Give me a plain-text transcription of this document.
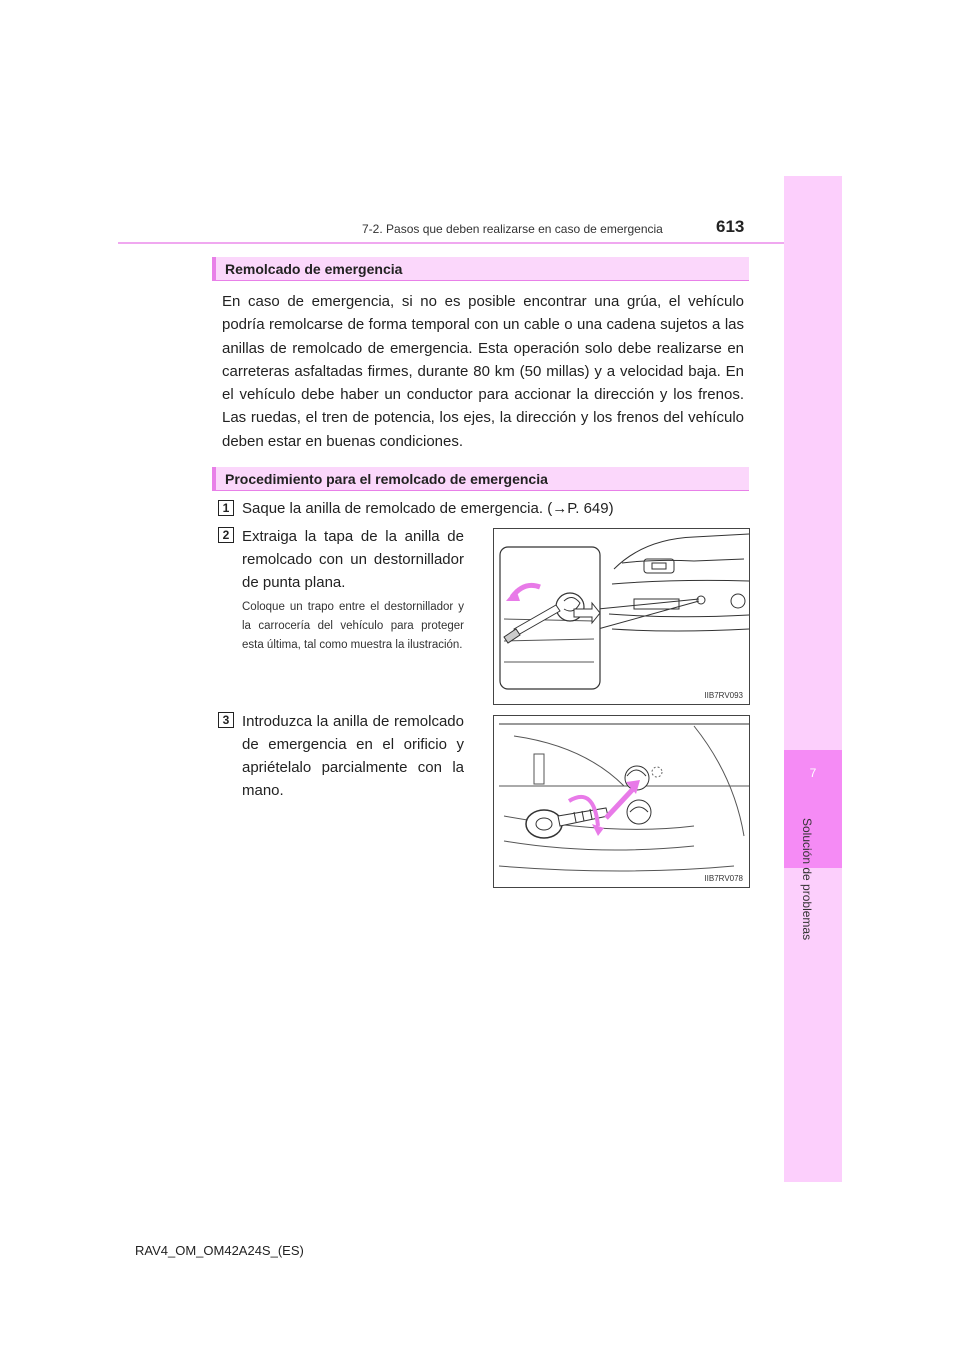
7-2. Pasos que deben realizarse en caso de emergencia	613
7
Solución de problemas
Remolcado de emergencia

En caso de emergencia, si no es posible encontrar una grúa, el vehículo podría remolcarse de forma temporal con un cable o una cadena sujetos a las anillas de remolcado de emergencia. Esta operación solo debe realizarse en carreteras asfaltadas firmes, durante 80 km (50 millas) y a velocidad baja. En el vehículo debe haber un conductor para accionar la dirección y los frenos. Las ruedas, el tren de potencia, los ejes, la dirección y los frenos del vehículo deben estar en buenas condiciones.

Procedimiento para el remolcado de emergencia
1 Saque la anilla de remolcado de emergencia. (→P. 649)
2 Extraiga la tapa de la anilla de remolcado con un destornillador de punta plana.
Coloque un trapo entre el destornillador y la carrocería del vehículo para proteger esta última, tal como muestra la ilustración.
IIB7RV093
3 Introduzca la anilla de remolcado de emergencia en el orificio y apriételalo parcialmente con la mano.
IIB7RV078
RAV4_OM_OM42A24S_(ES)
